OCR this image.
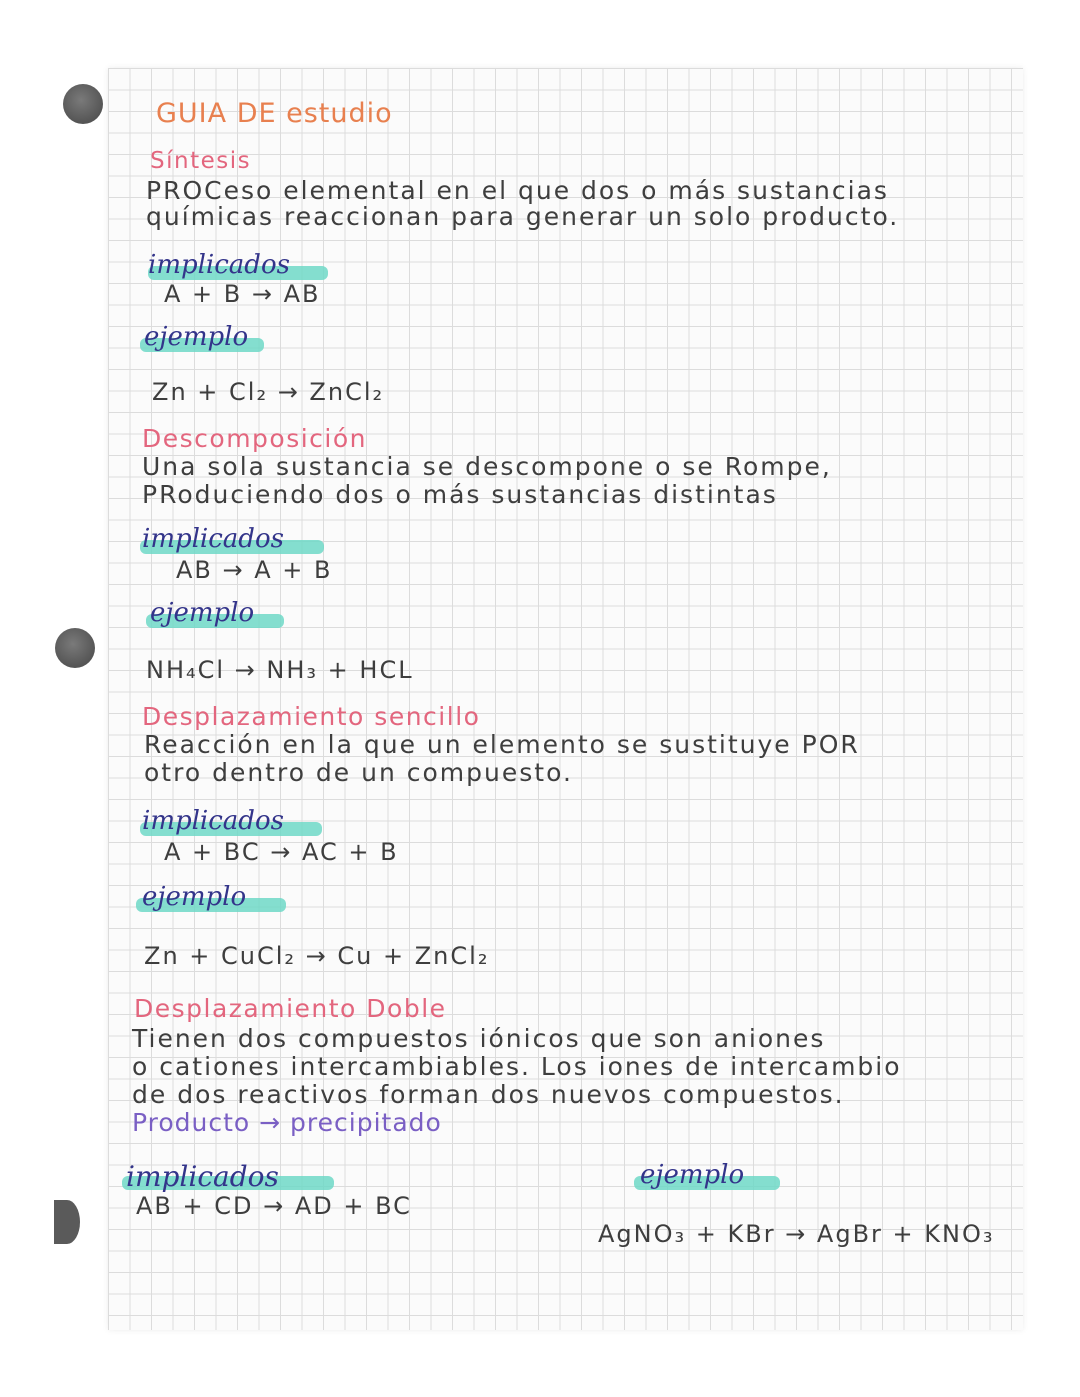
GUIA DE estudio
Síntesis
PROCeso elemental en el que dos o más sustancias
químicas reaccionan para generar un solo producto.
implicados
A + B → AB
ejemplo
Zn + Cl₂ → ZnCl₂
Descomposición
Una sola sustancia se descompone o se Rompe,
PRoduciendo dos o más sustancias distintas
implicados
AB → A + B
ejemplo
NH₄Cl → NH₃ + HCL
Desplazamiento sencillo
Reacción en la que un elemento se sustituye POR
otro dentro de un compuesto.
implicados
A + BC → AC + B
ejemplo
Zn + CuCl₂ → Cu + ZnCl₂
Desplazamiento Doble
Tienen dos compuestos iónicos que son aniones
o cationes intercambiables. Los iones de intercambio
de dos reactivos forman dos nuevos compuestos.
Producto → precipitado
implicados
AB + CD → AD + BC
ejemplo
AgNO₃ + KBr → AgBr + KNO₃
